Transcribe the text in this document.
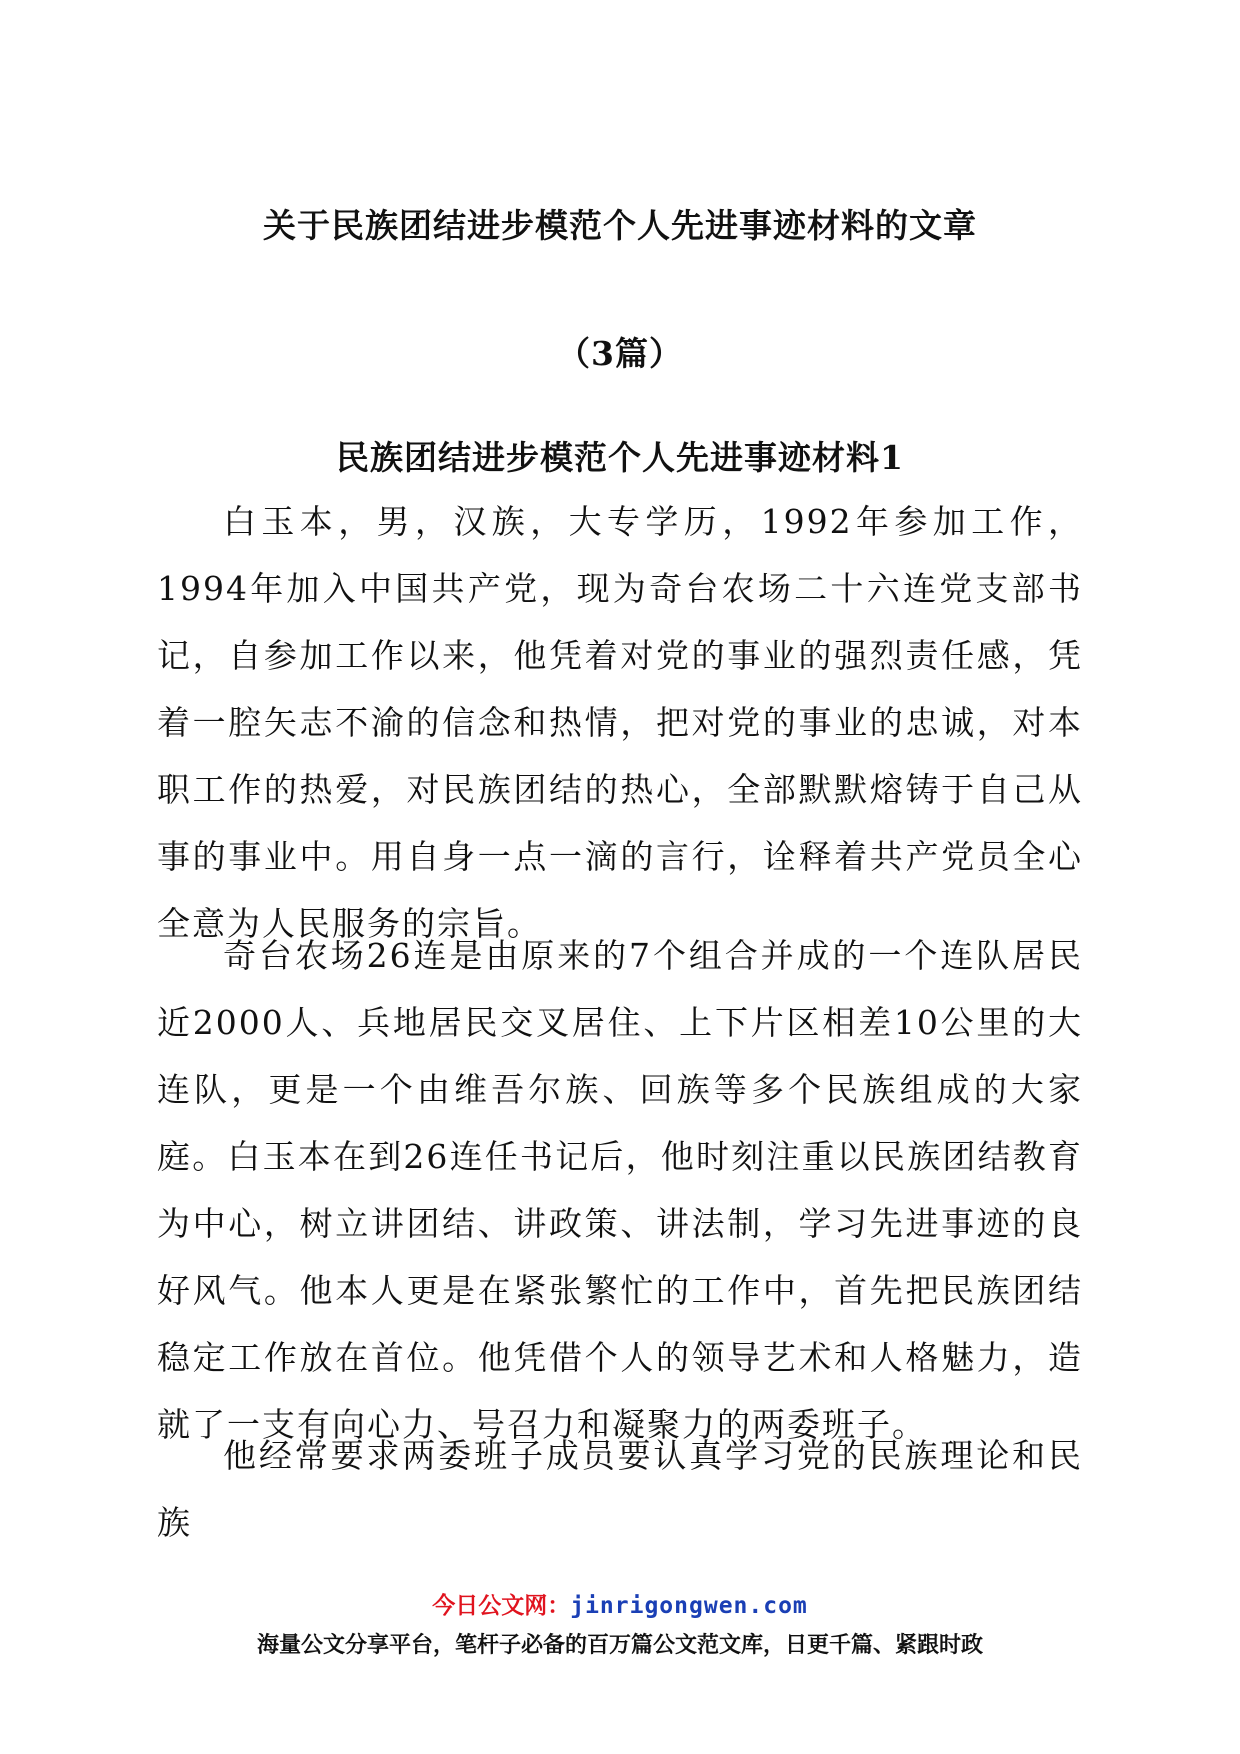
关于民族团结进步模范个人先进事迹材料的文章
（3篇）
民族团结进步模范个人先进事迹材料1

白玉本，男，汉族，大专学历，1992年参加工作，1994年加入中国共产党，现为奇台农场二十六连党支部书记，自参加工作以来，他凭着对党的事业的强烈责任感，凭着一腔矢志不渝的信念和热情，把对党的事业的忠诚，对本职工作的热爱，对民族团结的热心，全部默默熔铸于自己从事的事业中。用自身一点一滴的言行，诠释着共产党员全心全意为人民服务的宗旨。

奇台农场26连是由原来的7个组合并成的一个连队居民近2000人、兵地居民交叉居住、上下片区相差10公里的大连队，更是一个由维吾尔族、回族等多个民族组成的大家庭。白玉本在到26连任书记后，他时刻注重以民族团结教育为中心，树立讲团结、讲政策、讲法制，学习先进事迹的良好风气。他本人更是在紧张繁忙的工作中，首先把民族团结稳定工作放在首位。他凭借个人的领导艺术和人格魅力，造就了一支有向心力、号召力和凝聚力的两委班子。

他经常要求两委班子成员要认真学习党的民族理论和民族

今日公文网：jinrigongwen.com
海量公文分享平台，笔杆子必备的百万篇公文范文库，日更千篇、紧跟时政
